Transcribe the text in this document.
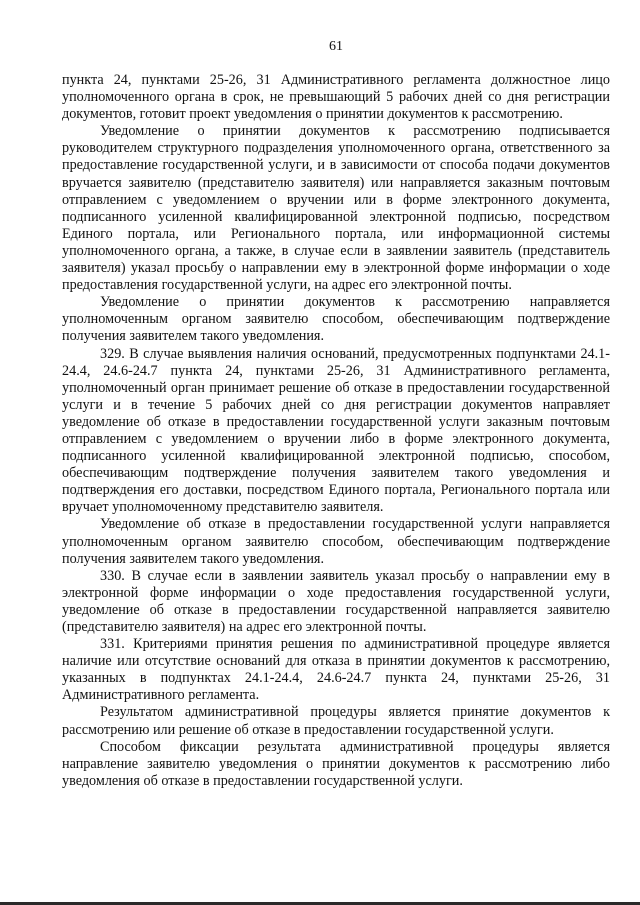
61

пункта 24, пунктами 25-26, 31 Административного регламента должностное лицо уполномоченного органа в срок, не превышающий 5 рабочих дней со дня регистрации документов, готовит проект уведомления о принятии документов к рассмотрению.

Уведомление о принятии документов к рассмотрению подписывается руководителем структурного подразделения уполномоченного органа, ответственного за предоставление государственной услуги, и в зависимости от способа подачи документов вручается заявителю (представителю заявителя) или направляется заказным почтовым отправлением с уведомлением о вручении или в форме электронного документа, подписанного усиленной квалифицированной электронной подписью, посредством Единого портала, или Регионального портала, или информационной системы уполномоченного органа, а также, в случае если в заявлении заявитель (представитель заявителя) указал просьбу о направлении ему в электронной форме информации о ходе предоставления государственной услуги, на адрес его электронной почты.

Уведомление о принятии документов к рассмотрению направляется уполномоченным органом заявителю способом, обеспечивающим подтверждение получения заявителем такого уведомления.

329. В случае выявления наличия оснований, предусмотренных подпунктами 24.1-24.4, 24.6-24.7 пункта 24, пунктами 25-26, 31 Административного регламента, уполномоченный орган принимает решение об отказе в предоставлении государственной услуги и в течение 5 рабочих дней со дня регистрации документов направляет уведомление об отказе в предоставлении государственной услуги заказным почтовым отправлением с уведомлением о вручении либо в форме электронного документа, подписанного усиленной квалифицированной электронной подписью, способом, обеспечивающим подтверждение получения заявителем такого уведомления и подтверждения его доставки, посредством Единого портала, Регионального портала или вручает уполномоченному представителю заявителя.

Уведомление об отказе в предоставлении государственной услуги направляется уполномоченным органом заявителю способом, обеспечивающим подтверждение получения заявителем такого уведомления.

330. В случае если в заявлении заявитель указал просьбу о направлении ему в электронной форме информации о ходе предоставления государственной услуги, уведомление об отказе в предоставлении государственной направляется заявителю (представителю заявителя) на адрес его электронной почты.

331. Критериями принятия решения по административной процедуре является наличие или отсутствие оснований для отказа в принятии документов к рассмотрению, указанных в подпунктах 24.1-24.4, 24.6-24.7 пункта 24, пунктами 25-26, 31 Административного регламента.

Результатом административной процедуры является принятие документов к рассмотрению или решение об отказе в предоставлении государственной услуги.

Способом фиксации результата административной процедуры является направление заявителю уведомления о принятии документов к рассмотрению либо уведомления об отказе в предоставлении государственной услуги.
